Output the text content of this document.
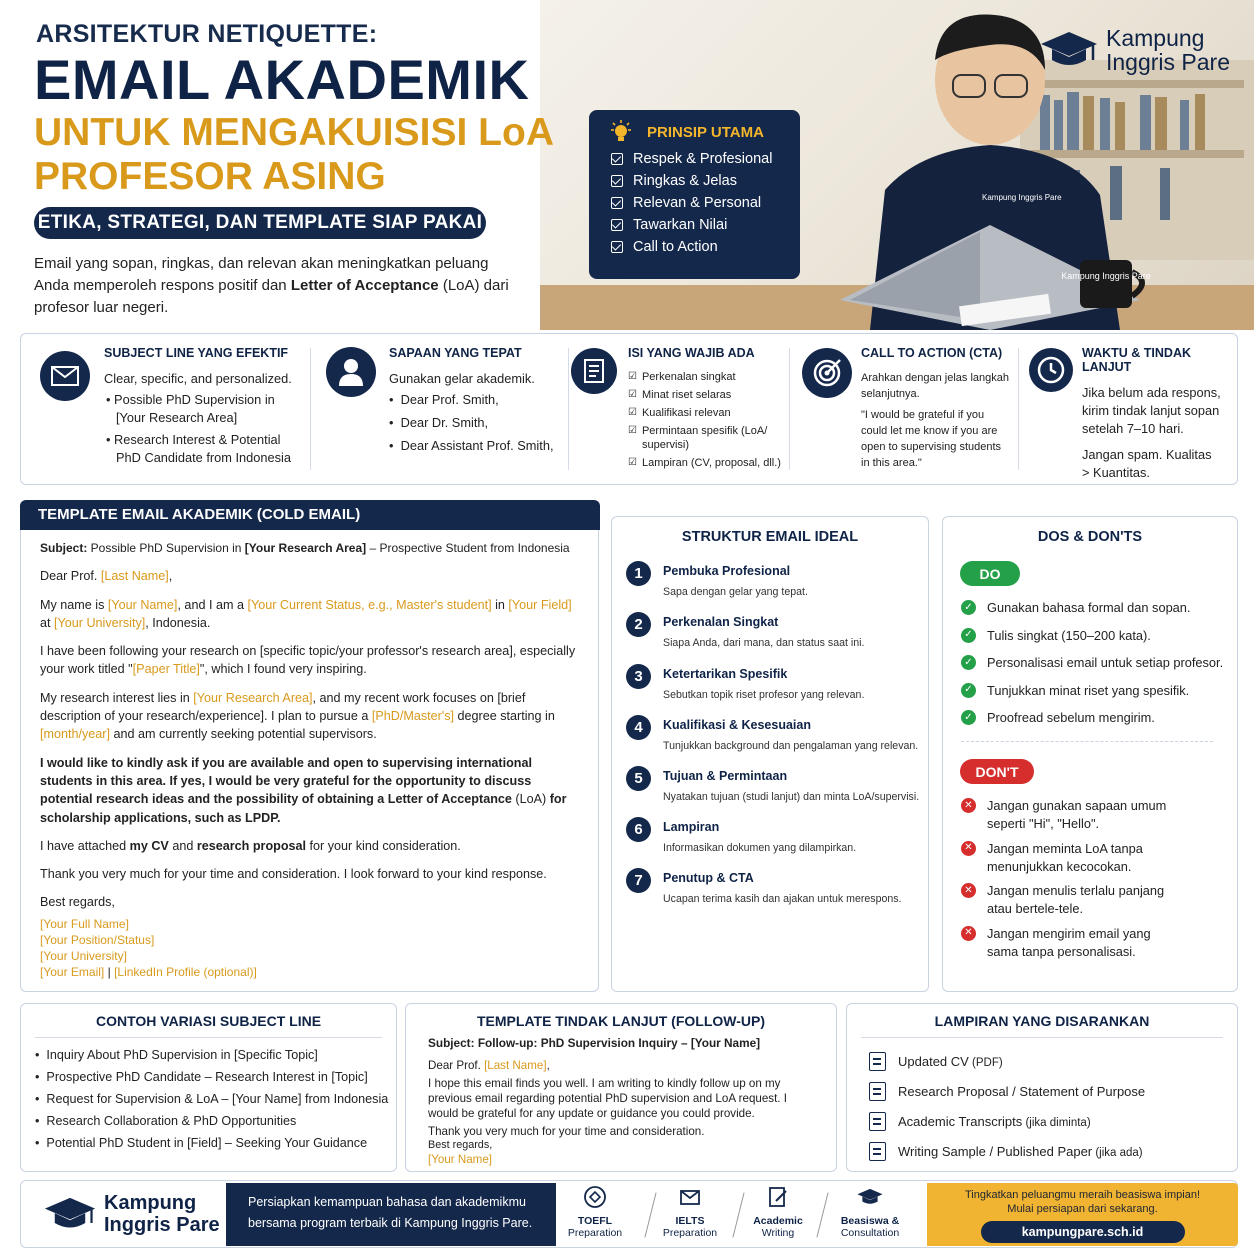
Kampung Inggris Pare
Kampung Inggris Pare
ARSITEKTUR NETIQUETTE:
EMAIL AKADEMIK
UNTUK MENGAKUISISI LoA
PROFESOR ASING
ETIKA, STRATEGI, DAN TEMPLATE SIAP PAKAI
Email yang sopan, ringkas, dan relevan akan meningkatkan peluang Anda memperoleh respons positif dan Letter of Acceptance (LoA) dari profesor luar negeri.
PRINSIP UTAMA
Respek & Profesional
Ringkas & Jelas
Relevan & Personal
Tawarkan Nilai
Call to Action
Kampung
Inggris Pare
SUBJECT LINE YANG EFEKTIF

Clear, specific, and personalized.

• Possible PhD Supervision in [Your Research Area]
• Research Interest & Potential PhD Candidate from Indonesia
SAPAAN YANG TEPAT

Gunakan gelar akademik.

•  Dear Prof. Smith,
•  Dear Dr. Smith,
•  Dear Assistant Prof. Smith,
ISI YANG WAJIB ADA
☑ Perkenalan singkat
☑ Minat riset selaras
☑ Kualifikasi relevan
☑ Permintaan spesifik (LoA/ supervisi)
☑ Lampiran (CV, proposal, dll.)
CALL TO ACTION (CTA)

Arahkan dengan jelas langkah selanjutnya.

"I would be grateful if you could let me know if you are open to supervising students in this area."

WAKTU & TINDAK LANJUT

Jika belum ada respons, kirim tindak lanjut sopan setelah 7–10 hari.

Jangan spam. Kualitas > Kuantitas.

TEMPLATE EMAIL AKADEMIK (COLD EMAIL)

Subject: Possible PhD Supervision in [Your Research Area] – Prospective Student from Indonesia

Dear Prof. [Last Name],

My name is [Your Name], and I am a [Your Current Status, e.g., Master's student] in [Your Field] at [Your University], Indonesia.

I have been following your research on [specific topic/your professor's research area], especially your work titled "[Paper Title]", which I found very inspiring.

My research interest lies in [Your Research Area], and my recent work focuses on [brief description of your research/experience]. I plan to pursue a [PhD/Master's] degree starting in [month/year] and am currently seeking potential supervisors.

I would like to kindly ask if you are available and open to supervising international students in this area. If yes, I would be very grateful for the opportunity to discuss potential research ideas and the possibility of obtaining a Letter of Acceptance (LoA) for scholarship applications, such as LPDP.

I have attached my CV and research proposal for your kind consideration.

Thank you very much for your time and consideration. I look forward to your kind response.

Best regards,

[Your Full Name]
[Your Position/Status]
[Your University]
[Your Email] | [LinkedIn Profile (optional)]
STRUKTUR EMAIL IDEAL
1	Pembuka Profesional
Sapa dengan gelar yang tepat.
2	Perkenalan Singkat
Siapa Anda, dari mana, dan status saat ini.
3	Ketertarikan Spesifik
Sebutkan topik riset profesor yang relevan.
4	Kualifikasi & Kesesuaian
Tunjukkan background dan pengalaman yang relevan.
5	Tujuan & Permintaan
Nyatakan tujuan (studi lanjut) dan minta LoA/supervisi.
6	Lampiran
Informasikan dokumen yang dilampirkan.
7	Penutup & CTA
Ucapan terima kasih dan ajakan untuk merespons.
DOS & DON'TS
DO
✓ Gunakan bahasa formal dan sopan.
✓ Tulis singkat (150–200 kata).
✓ Personalisasi email untuk setiap profesor.
✓ Tunjukkan minat riset yang spesifik.
✓ Proofread sebelum mengirim.
DON'T
✕ Jangan gunakan sapaan umum seperti "Hi", "Hello".
✕ Jangan meminta LoA tanpa menunjukkan kecocokan.
✕ Jangan menulis terlalu panjang atau bertele-tele.
✕ Jangan mengirim email yang sama tanpa personalisasi.
CONTOH VARIASI SUBJECT LINE
• Inquiry About PhD Supervision in [Specific Topic]
• Prospective PhD Candidate – Research Interest in [Topic]
• Request for Supervision & LoA – [Your Name] from Indonesia
• Research Collaboration & PhD Opportunities
• Potential PhD Student in [Field] – Seeking Your Guidance
TEMPLATE TINDAK LANJUT (FOLLOW-UP)
Subject: Follow-up: PhD Supervision Inquiry – [Your Name]
Dear Prof. [Last Name],
I hope this email finds you well. I am writing to kindly follow up on my previous email regarding potential PhD supervision and LoA request. I would be grateful for any update or guidance you could provide.
Thank you very much for your time and consideration.
Best regards,
[Your Name]
LAMPIRAN YANG DISARANKAN
Updated CV (PDF)
Research Proposal / Statement of Purpose
Academic Transcripts (jika diminta)
Writing Sample / Published Paper (jika ada)
Kampung
Inggris Pare
Persiapkan kemampuan bahasa dan akademikmu
bersama program terbaik di Kampung Inggris Pare.	TOEFL
Preparation
IELTS
Preparation
Academic
Writing
Beasiswa &
Consultation
Tingkatkan peluangmu meraih beasiswa impian!
Mulai persiapan dari sekarang.
kampungpare.sch.id
